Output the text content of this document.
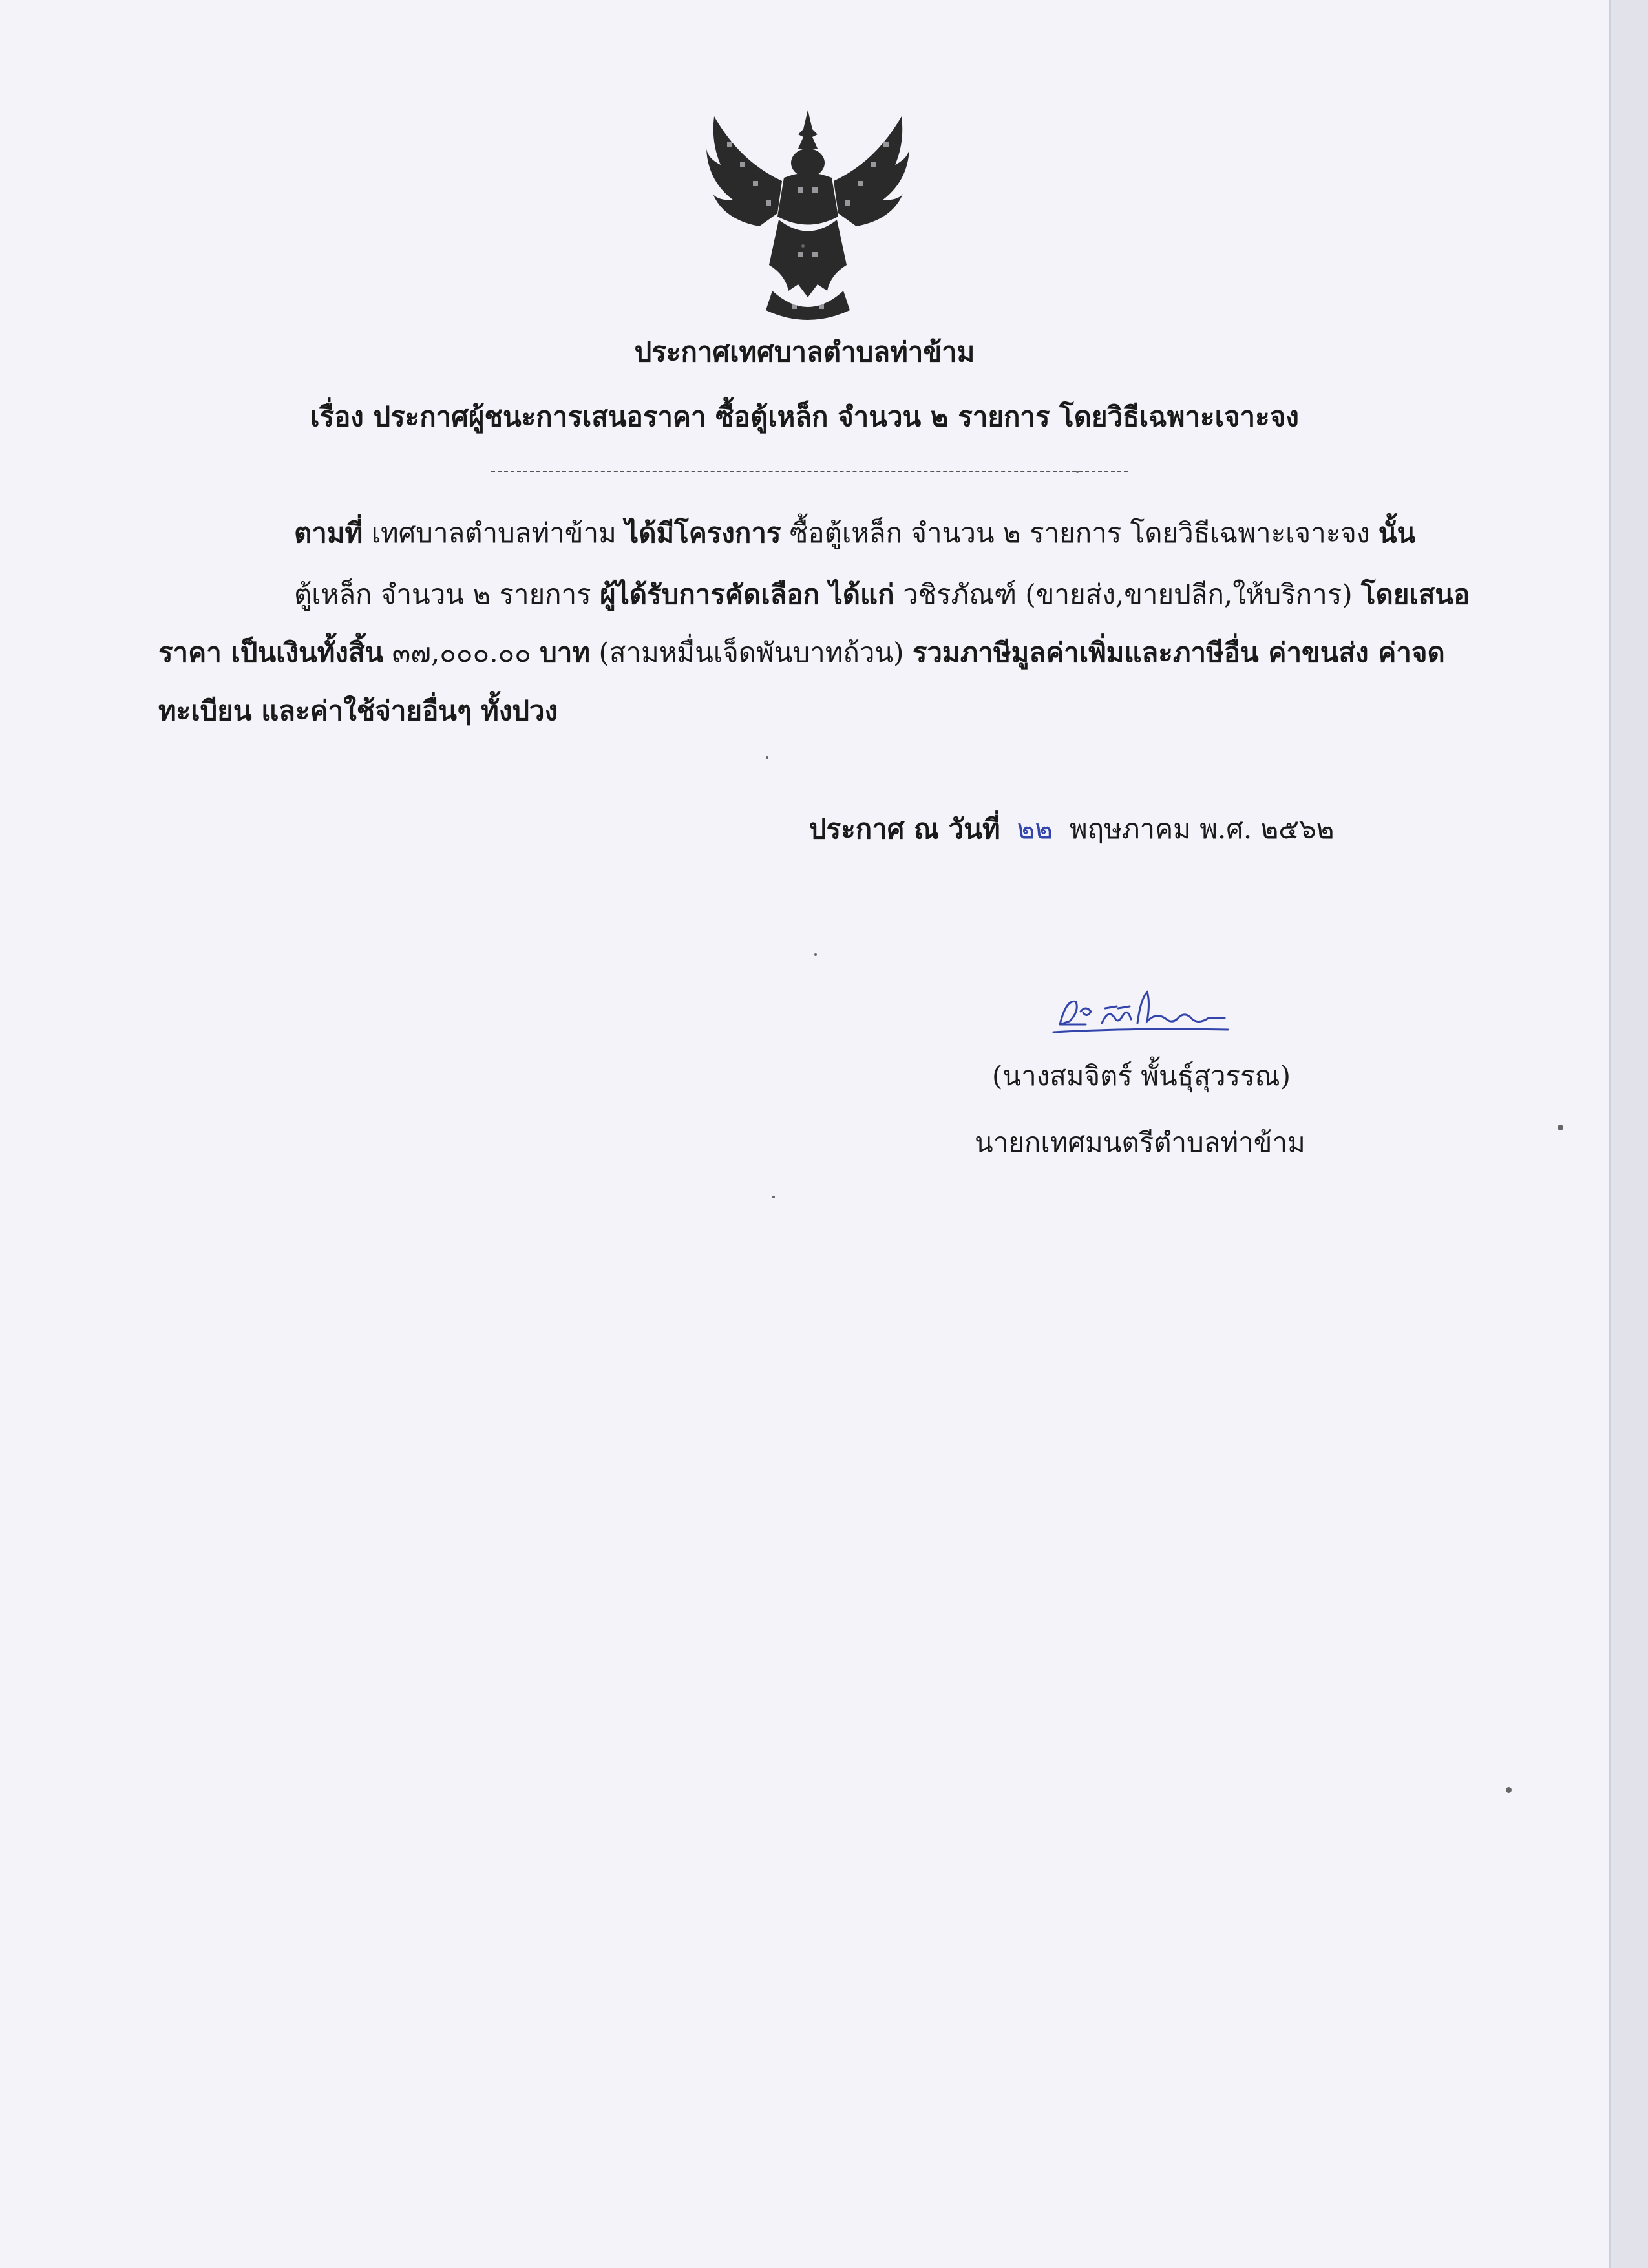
ประกาศเทศบาลตำบลท่าข้าม
เรื่อง ประกาศผู้ชนะการเสนอราคา ซื้อตู้เหล็ก จำนวน ๒ รายการ โดยวิธีเฉพาะเจาะจง
ตามที่ เทศบาลตำบลท่าข้าม ได้มีโครงการ ซื้อตู้เหล็ก จำนวน ๒ รายการ โดยวิธีเฉพาะเจาะจง นั้น
ตู้เหล็ก จำนวน ๒ รายการ ผู้ได้รับการคัดเลือก ได้แก่ วชิรภัณฑ์ (ขายส่ง,ขายปลีก,ให้บริการ) โดยเสนอ
ราคา เป็นเงินทั้งสิ้น ๓๗,๐๐๐.๐๐ บาท (สามหมื่นเจ็ดพันบาทถ้วน) รวมภาษีมูลค่าเพิ่มและภาษีอื่น ค่าขนส่ง ค่าจด
ทะเบียน และค่าใช้จ่ายอื่นๆ ทั้งปวง
ประกาศ ณ วันที่ ๒๒ พฤษภาคม พ.ศ. ๒๕๖๒
(นางสมจิตร์ พั้นธุ์สุวรรณ)
นายกเทศมนตรีตำบลท่าข้าม
